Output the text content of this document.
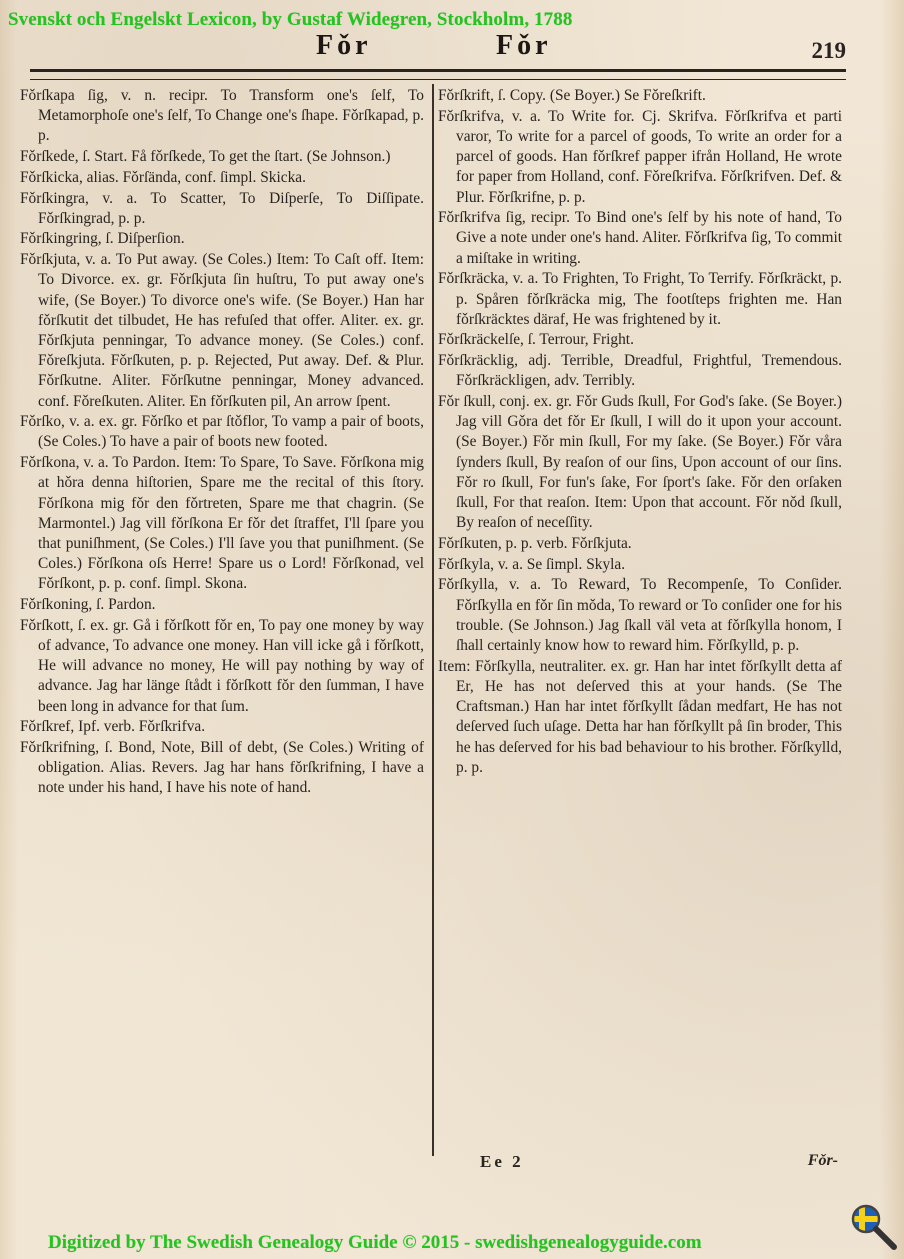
Svenskt och Engelskt Lexicon, by Gustaf Widegren, Stockholm, 1788
Fǒr	Fǒr	219

Fǒrſkapa ſig, v. n. recipr. To Transform one's ſelf, To Metamorphoſe one's ſelf, To Change one's ſhape. Fǒrſkapad, p. p.

Fǒrſkede, ſ. Start. Få fǒrſkede, To get the ſtart. (Se Johnson.)

Fǒrſkicka, alias. Fǒrſända, conf. ſimpl. Skicka.

Fǒrſkingra, v. a. To Scatter, To Diſperſe, To Diſſipate. Fǒrſkingrad, p. p.

Fǒrſkingring, ſ. Diſperſion.

Fǒrſkjuta, v. a. To Put away. (Se Coles.) Item: To Caſt off. Item: To Divorce. ex. gr. Fǒrſkjuta ſin huſtru, To put away one's wife, (Se Boyer.) To divorce one's wife. (Se Boyer.) Han har fǒrſkutit det tilbudet, He has refuſed that offer. Aliter. ex. gr. Fǒrſkjuta penningar, To advance money. (Se Coles.) conf. Fǒreſkjuta. Fǒrſkuten, p. p. Rejected, Put away. Def. & Plur. Fǒrſkutne. Aliter. Fǒrſkutne penningar, Money advanced. conf. Fǒreſkuten. Aliter. En fǒrſkuten pil, An arrow ſpent.

Fǒrſko, v. a. ex. gr. Fǒrſko et par ſtǒflor, To vamp a pair of boots, (Se Coles.) To have a pair of boots new footed.

Fǒrſkona, v. a. To Pardon. Item: To Spare, To Save. Fǒrſkona mig at hǒra denna hiſtorien, Spare me the recital of this ſtory. Fǒrſkona mig fǒr den fǒrtreten, Spare me that chagrin. (Se Marmontel.) Jag vill fǒrſkona Er fǒr det ſtraffet, I'll ſpare you that puniſhment, (Se Coles.) I'll ſave you that puniſhment. (Se Coles.) Fǒrſkona oſs Herre! Spare us o Lord! Fǒrſkonad, vel Fǒrſkont, p. p. conf. ſimpl. Skona.

Fǒrſkoning, ſ. Pardon.

Fǒrſkott, ſ. ex. gr. Gå i fǒrſkott fǒr en, To pay one money by way of advance, To advance one money. Han vill icke gå i fǒrſkott, He will advance no money, He will pay nothing by way of advance. Jag har länge ſtådt i fǒrſkott fǒr den ſumman, I have been long in advance for that ſum.

Fǒrſkref, Ipf. verb. Fǒrſkrifva.

Fǒrſkrifning, ſ. Bond, Note, Bill of debt, (Se Coles.) Writing of obligation. Alias. Revers. Jag har hans fǒrſkrifning, I have a note under his hand, I have his note of hand.

Fǒrſkrift, ſ. Copy. (Se Boyer.) Se Fǒreſkrift.

Fǒrſkrifva, v. a. To Write for. Cj. Skrifva. Fǒrſkrifva et parti varor, To write for a parcel of goods, To write an order for a parcel of goods. Han fǒrſkref papper ifrån Holland, He wrote for paper from Holland, conf. Fǒreſkrifva. Fǒrſkrifven. Def. & Plur. Fǒrſkrifne, p. p.

Fǒrſkrifva ſig, recipr. To Bind one's ſelf by his note of hand, To Give a note under one's hand. Aliter. Fǒrſkrifva ſig, To commit a miſtake in writing.

Fǒrſkräcka, v. a. To Frighten, To Fright, To Terrify. Fǒrſkräckt, p. p. Spåren fǒrſkräcka mig, The footſteps frighten me. Han fǒrſkräcktes däraf, He was frightened by it.

Fǒrſkräckelſe, ſ. Terrour, Fright.

Fǒrſkräcklig, adj. Terrible, Dreadful, Frightful, Tremendous. Fǒrſkräckligen, adv. Terribly.

Fǒr ſkull, conj. ex. gr. Fǒr Guds ſkull, For God's ſake. (Se Boyer.) Jag vill Gǒra det fǒr Er ſkull, I will do it upon your account. (Se Boyer.) Fǒr min ſkull, For my ſake. (Se Boyer.) Fǒr våra ſynders ſkull, By reaſon of our ſins, Upon account of our ſins. Fǒr ro ſkull, For fun's ſake, For ſport's ſake. Fǒr den orſaken ſkull, For that reaſon. Item: Upon that account. Fǒr nǒd ſkull, By reaſon of neceſſity.

Fǒrſkuten, p. p. verb. Fǒrſkjuta.

Fǒrſkyla, v. a. Se ſimpl. Skyla.

Fǒrſkylla, v. a. To Reward, To Recompenſe, To Conſider. Fǒrſkylla en fǒr ſin mǒda, To reward or To conſider one for his trouble. (Se Johnson.) Jag ſkall väl veta at fǒrſkylla honom, I ſhall certainly know how to reward him. Fǒrſkylld, p. p.

Item: Fǒrſkylla, neutraliter. ex. gr. Han har intet fǒrſkyllt detta af Er, He has not deſerved this at your hands. (Se The Craftsman.) Han har intet fǒrſkyllt ſådan medfart, He has not deſerved ſuch uſage. Detta har han fǒrſkyllt på ſin broder, This he has deſerved for his bad behaviour to his brother. Fǒrſkylld, p. p.

Ee 2	Fǒr-
Digitized by The Swedish Genealogy Guide © 2015 - swedishgenealogyguide.com
